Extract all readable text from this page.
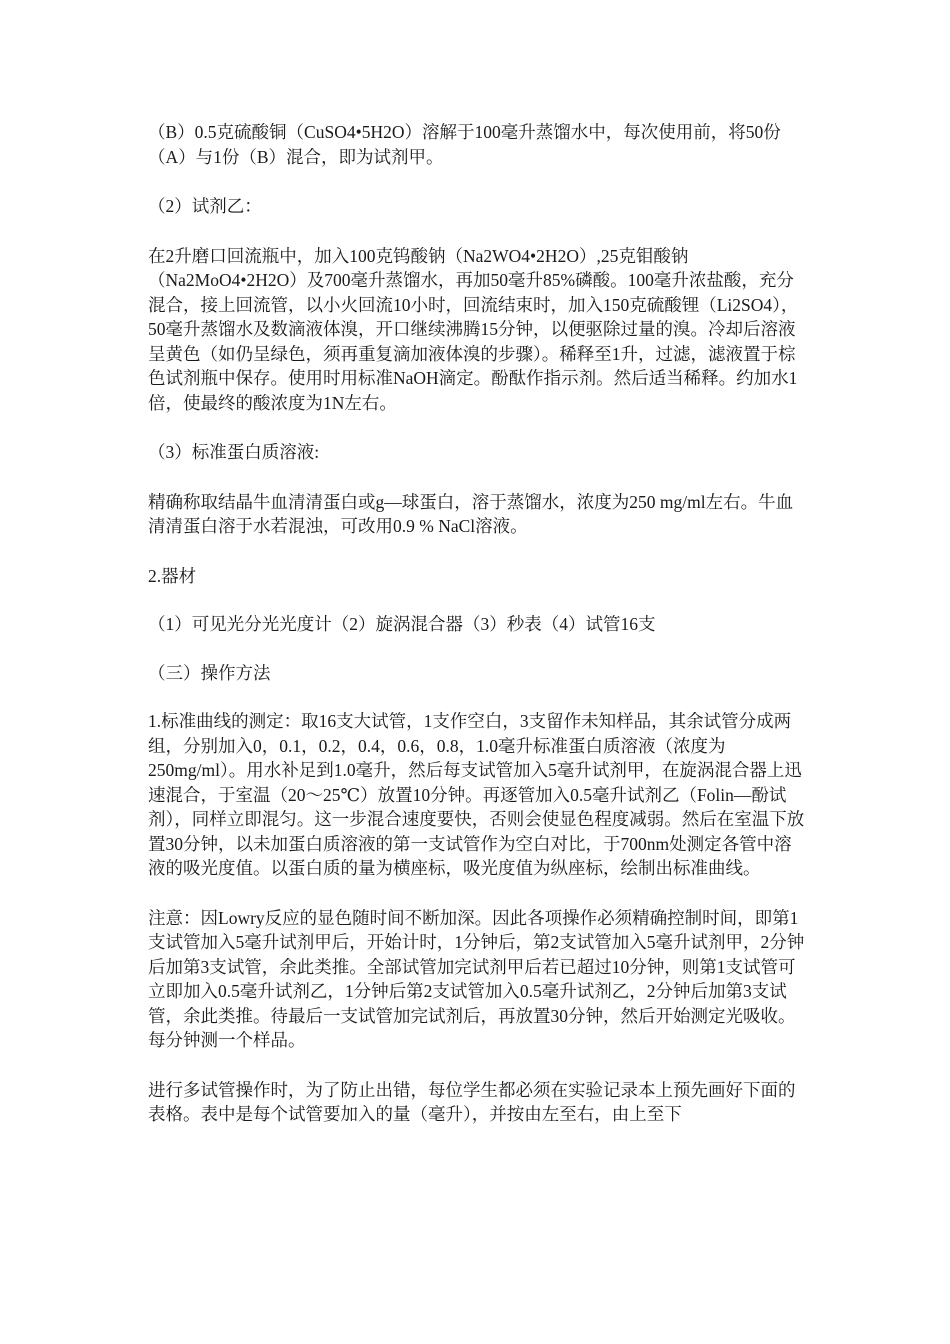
（B）0.5克硫酸铜（CuSO4•5H2O）溶解于100毫升蒸馏水中，每次使用前，将50份（A）与1份（B）混合，即为试剂甲。

（2）试剂乙：

在2升磨口回流瓶中，加入100克钨酸钠（Na2WO4•2H2O）,25克钼酸钠（Na2MoO4•2H2O）及700毫升蒸馏水，再加50毫升85%磷酸。100毫升浓盐酸，充分混合，接上回流管，以小火回流10小时，回流结束时，加入150克硫酸锂（Li2SO4），50毫升蒸馏水及数滴液体溴，开口继续沸腾15分钟，以便驱除过量的溴。冷却后溶液呈黄色（如仍呈绿色，须再重复滴加液体溴的步骤）。稀释至1升，过滤，滤液置于棕色试剂瓶中保存。使用时用标准NaOH滴定。酚酞作指示剂。然后适当稀释。约加水1倍，使最终的酸浓度为1N左右。

（3）标准蛋白质溶液:

精确称取结晶牛血清清蛋白或g—球蛋白，溶于蒸馏水，浓度为250 mg/ml左右。牛血清清蛋白溶于水若混浊，可改用0.9 % NaCl溶液。

2.器材

（1）可见光分光光度计（2）旋涡混合器（3）秒表（4）试管16支

（三）操作方法

1.标准曲线的测定：取16支大试管，1支作空白，3支留作未知样品，其余试管分成两组，分别加入0，0.1，0.2，0.4，0.6，0.8，1.0毫升标准蛋白质溶液（浓度为250mg/ml）。用水补足到1.0毫升，然后每支试管加入5毫升试剂甲，在旋涡混合器上迅速混合，于室温（20～25℃）放置10分钟。再逐管加入0.5毫升试剂乙（Folin—酚试剂），同样立即混匀。这一步混合速度要快，否则会使显色程度减弱。然后在室温下放置30分钟，以未加蛋白质溶液的第一支试管作为空白对比，于700nm处测定各管中溶液的吸光度值。以蛋白质的量为横座标，吸光度值为纵座标，绘制出标准曲线。

注意：因Lowry反应的显色随时间不断加深。因此各项操作必须精确控制时间，即第1支试管加入5毫升试剂甲后，开始计时，1分钟后，第2支试管加入5毫升试剂甲，2分钟后加第3支试管，余此类推。全部试管加完试剂甲后若已超过10分钟，则第1支试管可立即加入0.5毫升试剂乙，1分钟后第2支试管加入0.5毫升试剂乙，2分钟后加第3支试管，余此类推。待最后一支试管加完试剂后，再放置30分钟，然后开始测定光吸收。每分钟测一个样品。

进行多试管操作时，为了防止出错，每位学生都必须在实验记录本上预先画好下面的表格。表中是每个试管要加入的量（毫升），并按由左至右，由上至下
